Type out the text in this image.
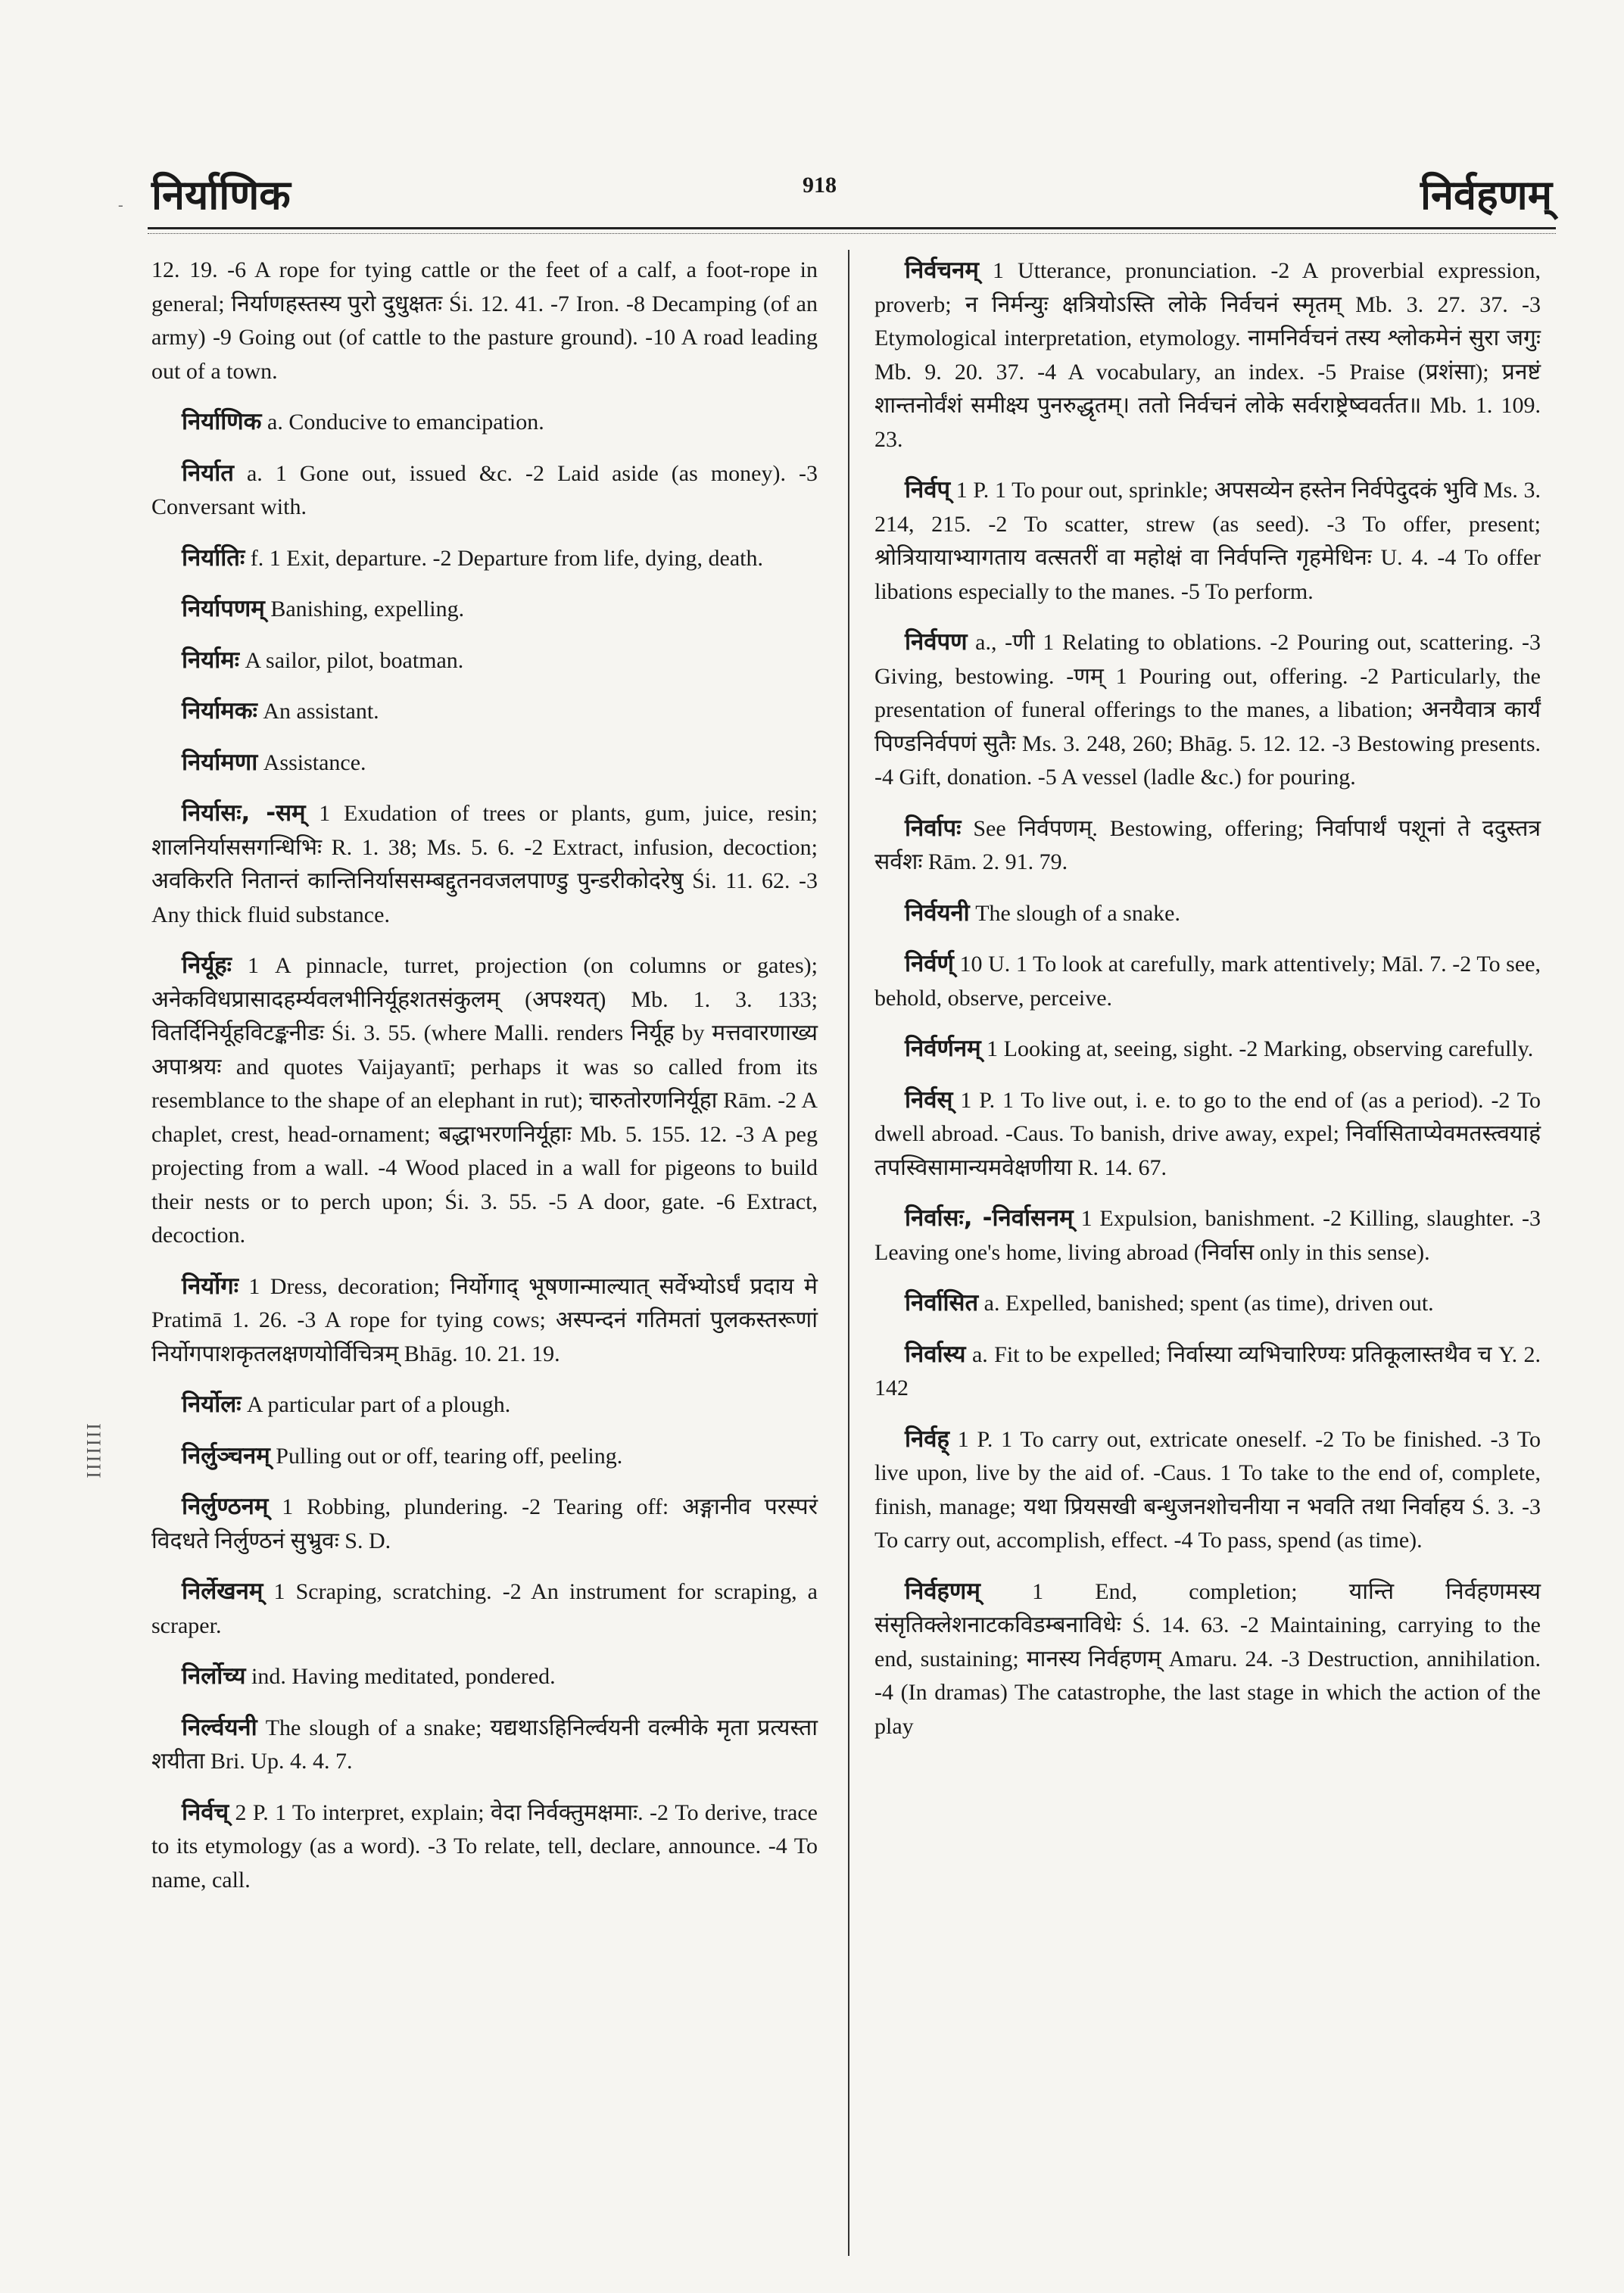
निर्याणिक	918	निर्वहणम्
-
IIIIIII

12. 19. -6 A rope for tying cattle or the feet of a calf, a foot-rope in general; निर्याणहस्तस्य पुरो दुधुक्षतः Śi. 12. 41. -7 Iron. -8 Decamping (of an army) -9 Going out (of cattle to the pasture ground). -10 A road leading out of a town.

निर्याणिक a. Conducive to emancipation.

निर्यात a. 1 Gone out, issued &c. -2 Laid aside (as money). -3 Conversant with.

निर्यातिः f. 1 Exit, departure. -2 Departure from life, dying, death.

निर्यापणम् Banishing, expelling.

निर्यामः A sailor, pilot, boatman.

निर्यामकः An assistant.

निर्यामणा Assistance.

निर्यासः, -सम् 1 Exudation of trees or plants, gum, juice, resin; शालनिर्याससगन्धिभिः R. 1. 38; Ms. 5. 6. -2 Extract, infusion, decoction; अवकिरति नितान्तं कान्तिनिर्याससम्बद्दुतनवजलपाण्डु पुन्डरीकोदरेषु Śi. 11. 62. -3 Any thick fluid substance.

निर्यूहः 1 A pinnacle, turret, projection (on columns or gates); अनेकविधप्रासादहर्म्यवलभीनिर्यूहशतसंकुलम् (अपश्यत्) Mb. 1. 3. 133; वितर्दिनिर्यूहविटङ्कनीडः Śi. 3. 55. (where Malli. renders निर्यूह by मत्तवारणाख्य अपाश्रयः and quotes Vaijayantī; perhaps it was so called from its resemblance to the shape of an elephant in rut); चारुतोरणनिर्यूहा Rām. -2 A chaplet, crest, head-ornament; बद्धाभरणनिर्यूहाः Mb. 5. 155. 12. -3 A peg projecting from a wall. -4 Wood placed in a wall for pigeons to build their nests or to perch upon; Śi. 3. 55. -5 A door, gate. -6 Extract, decoction.

निर्योगः 1 Dress, decoration; निर्योगाद् भूषणान्माल्यात् सर्वेभ्योऽर्घं प्रदाय मे Pratimā 1. 26. -3 A rope for tying cows; अस्पन्दनं गतिमतां पुलकस्तरूणां निर्योगपाशकृतलक्षणयोर्विचित्रम् Bhāg. 10. 21. 19.

निर्योलः A particular part of a plough.

निर्लुञ्चनम् Pulling out or off, tearing off, peeling.

निर्लुण्ठनम् 1 Robbing, plundering. -2 Tearing off: अङ्गानीव परस्परं विदधते निर्लुण्ठनं सुभ्रुवः S. D.

निर्लेखनम् 1 Scraping, scratching. -2 An instrument for scraping, a scraper.

निर्लोच्य ind. Having meditated, pondered.

निर्ल्वयनी The slough of a snake; यद्यथाऽहिनिर्ल्वयनी वल्मीके मृता प्रत्यस्ता शयीता Bri. Up. 4. 4. 7.

निर्वच् 2 P. 1 To interpret, explain; वेदा निर्वक्तुमक्षमाः. -2 To derive, trace to its etymology (as a word). -3 To relate, tell, declare, announce. -4 To name, call.

निर्वचनम् 1 Utterance, pronunciation. -2 A proverbial expression, proverb; न निर्मन्युः क्षत्रियोऽस्ति लोके निर्वचनं स्मृतम् Mb. 3. 27. 37. -3 Etymological interpretation, etymology. नामनिर्वचनं तस्य श्लोकमेनं सुरा जगुः Mb. 9. 20. 37. -4 A vocabulary, an index. -5 Praise (प्रशंसा); प्रनष्टं शान्तनोर्वंशं समीक्ष्य पुनरुद्धृतम्। ततो निर्वचनं लोके सर्वराष्ट्रेष्ववर्तत॥ Mb. 1. 109. 23.

निर्वप् 1 P. 1 To pour out, sprinkle; अपसव्येन हस्तेन निर्वपेदुदकं भुवि Ms. 3. 214, 215. -2 To scatter, strew (as seed). -3 To offer, present; श्रोत्रियायाभ्यागताय वत्सतरीं वा महोक्षं वा निर्वपन्ति गृहमेधिनः U. 4. -4 To offer libations especially to the manes. -5 To perform.

निर्वपण a., -णी 1 Relating to oblations. -2 Pouring out, scattering. -3 Giving, bestowing. -णम् 1 Pouring out, offering. -2 Particularly, the presentation of funeral offerings to the manes, a libation; अनयैवात्र कार्यं पिण्डनिर्वपणं सुतैः Ms. 3. 248, 260; Bhāg. 5. 12. 12. -3 Bestowing presents. -4 Gift, donation. -5 A vessel (ladle &c.) for pouring.

निर्वापः See निर्वपणम्. Bestowing, offering; निर्वापार्थं पशूनां ते ददुस्तत्र सर्वशः Rām. 2. 91. 79.

निर्वयनी The slough of a snake.

निर्वर्ण् 10 U. 1 To look at carefully, mark attentively; Māl. 7. -2 To see, behold, observe, perceive.

निर्वर्णनम् 1 Looking at, seeing, sight. -2 Marking, observing carefully.

निर्वस् 1 P. 1 To live out, i. e. to go to the end of (as a period). -2 To dwell abroad. -Caus. To banish, drive away, expel; निर्वासिताप्येवमतस्त्वयाहं तपस्विसामान्यमवेक्षणीया R. 14. 67.

निर्वासः, -निर्वासनम् 1 Expulsion, banishment. -2 Killing, slaughter. -3 Leaving one's home, living abroad (निर्वास only in this sense).

निर्वासित a. Expelled, banished; spent (as time), driven out.

निर्वास्य a. Fit to be expelled; निर्वास्या व्यभिचारिण्यः प्रतिकूलास्तथैव च Y. 2. 142

निर्वह् 1 P. 1 To carry out, extricate oneself. -2 To be finished. -3 To live upon, live by the aid of. -Caus. 1 To take to the end of, complete, finish, manage; यथा प्रियसखी बन्धुजनशोचनीया न भवति तथा निर्वाहय Ś. 3. -3 To carry out, accomplish, effect. -4 To pass, spend (as time).

निर्वहणम् 1 End, completion; यान्ति निर्वहणमस्य संसृतिक्लेशनाटकविडम्बनाविधेः Ś. 14. 63. -2 Maintaining, carrying to the end, sustaining; मानस्य निर्वहणम् Amaru. 24. -3 Destruction, annihilation. -4 (In dramas) The catastrophe, the last stage in which the action of the play
